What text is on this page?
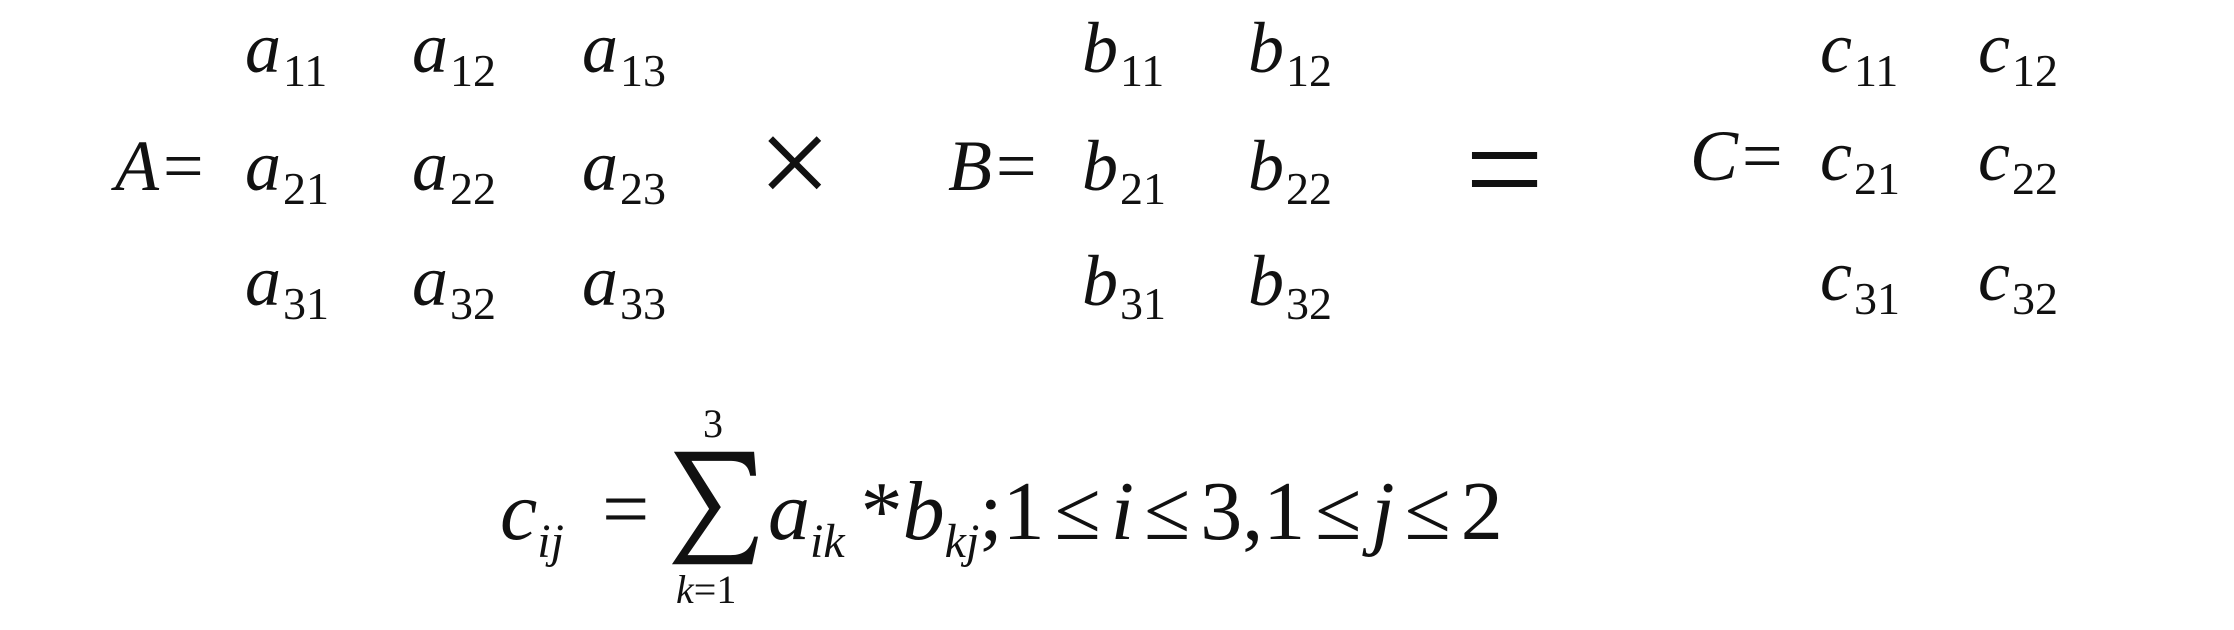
A=
a11 a12 a13
a21 a22 a23
a31 a32 a33
× B=
b11 b12
b21 b22
b31 b32
= C=
c11 c12
c21 c22
c31 c32
$c_{ij}$ =
3
k=1
$a_{ik}$ $*b_{kj};1 \le i \le 3,1 \le j \le 2$
